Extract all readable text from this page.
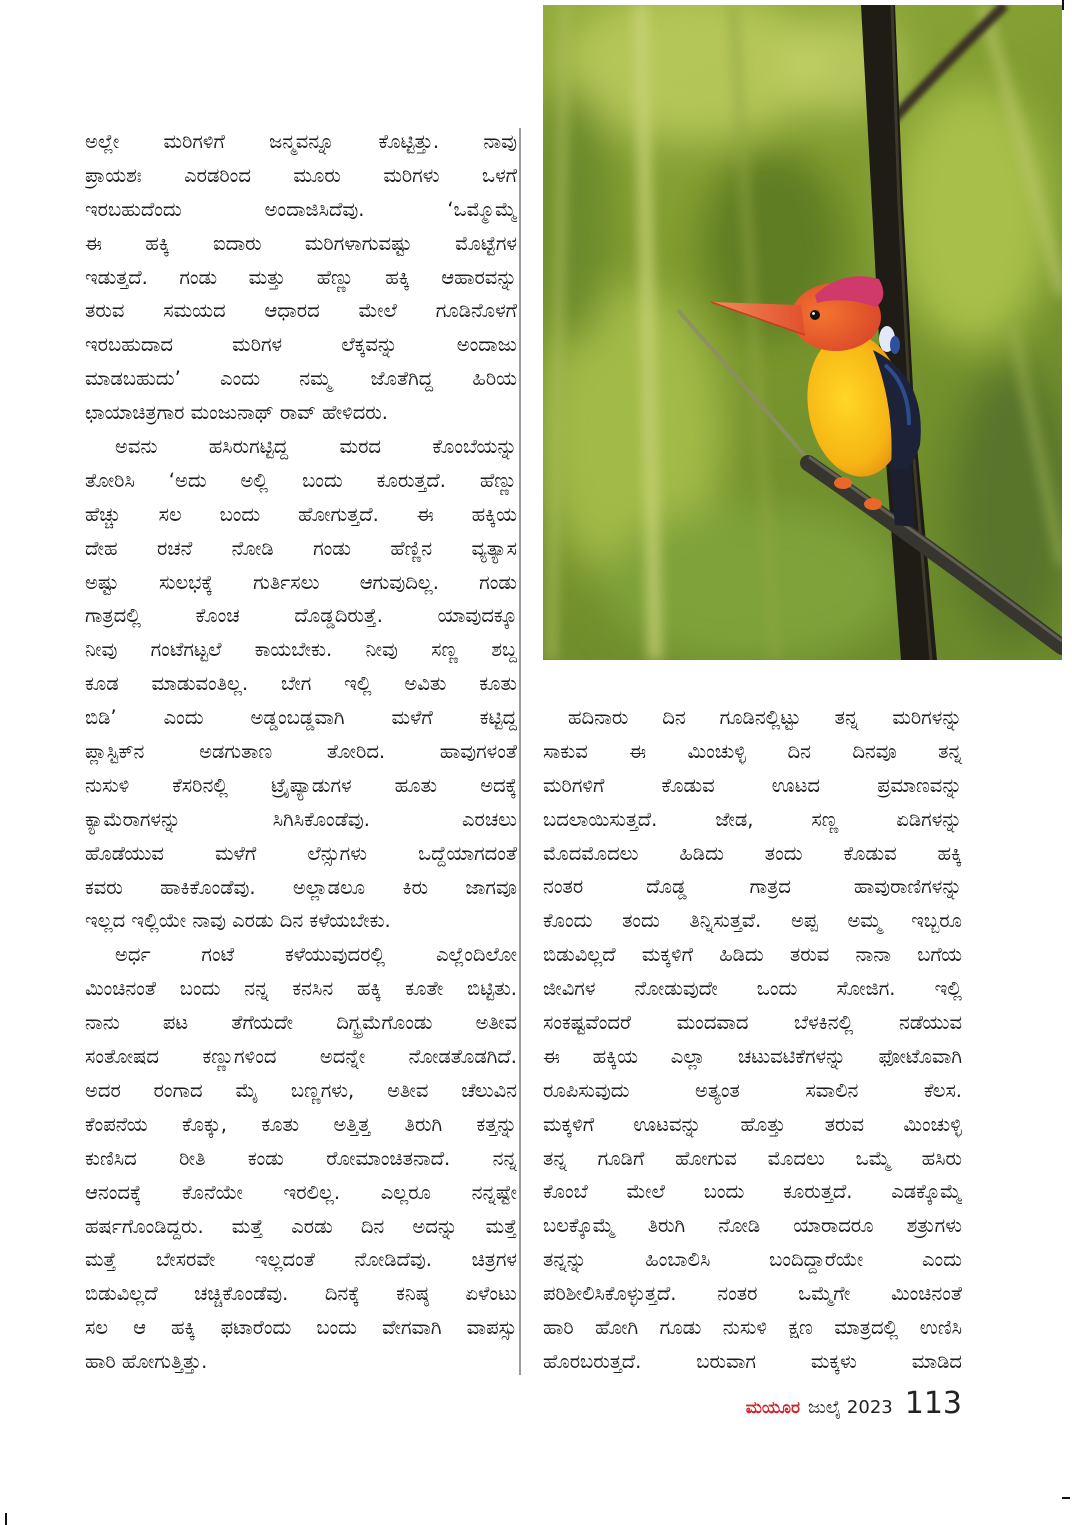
ಅಲ್ಲೇ ಮರಿಗಳಿಗೆ ಜನ್ಮವನ್ನೂ ಕೊಟ್ಟಿತ್ತು. ನಾವು
ಪ್ರಾಯಶಃ ಎರಡರಿಂದ ಮೂರು ಮರಿಗಳು ಒಳಗೆ
ಇರಬಹುದೆಂದು ಅಂದಾಜಿಸಿದೆವು. ‘ಒಮ್ಮೊಮ್ಮೆ
ಈ ಹಕ್ಕಿ ಐದಾರು ಮರಿಗಳಾಗುವಷ್ಟು ಮೊಟ್ಟೆಗಳ
ಇಡುತ್ತದೆ. ಗಂಡು ಮತ್ತು ಹೆಣ್ಣು ಹಕ್ಕಿ ಆಹಾರವನ್ನು
ತರುವ ಸಮಯದ ಆಧಾರದ ಮೇಲೆ ಗೂಡಿನೊಳಗೆ
ಇರಬಹುದಾದ ಮರಿಗಳ ಲೆಕ್ಕವನ್ನು ಅಂದಾಜು
ಮಾಡಬಹುದು’ ಎಂದು ನಮ್ಮ ಜೊತೆಗಿದ್ದ ಹಿರಿಯ
ಛಾಯಾಚಿತ್ರಗಾರ ಮಂಜುನಾಥ್ ರಾವ್ ಹೇಳಿದರು.
ಅವನು ಹಸಿರುಗಟ್ಟಿದ್ದ ಮರದ ಕೊಂಬೆಯನ್ನು
ತೋರಿಸಿ ‘ಅದು ಅಲ್ಲಿ ಬಂದು ಕೂರುತ್ತದೆ. ಹೆಣ್ಣು
ಹೆಚ್ಚು ಸಲ ಬಂದು ಹೋಗುತ್ತದೆ. ಈ ಹಕ್ಕಿಯ
ದೇಹ ರಚನೆ ನೋಡಿ ಗಂಡು ಹೆಣ್ಣಿನ ವ್ಯತ್ಯಾಸ
ಅಷ್ಟು ಸುಲಭಕ್ಕೆ ಗುರ್ತಿಸಲು ಆಗುವುದಿಲ್ಲ. ಗಂಡು
ಗಾತ್ರದಲ್ಲಿ ಕೊಂಚ ದೊಡ್ಡದಿರುತ್ತೆ. ಯಾವುದಕ್ಕೂ
ನೀವು ಗಂಟೆಗಟ್ಟಲೆ ಕಾಯಬೇಕು. ನೀವು ಸಣ್ಣ ಶಬ್ದ
ಕೂಡ ಮಾಡುವಂತಿಲ್ಲ. ಬೇಗ ಇಲ್ಲಿ ಅವಿತು ಕೂತು
ಬಿಡಿ’ ಎಂದು ಅಡ್ಡಂಬಡ್ಡವಾಗಿ ಮಳೆಗೆ ಕಟ್ಟಿದ್ದ
ಪ್ಲಾಸ್ಟಿಕ್‌ನ ಅಡಗುತಾಣ ತೋರಿದ. ಹಾವುಗಳಂತೆ
ನುಸುಳಿ ಕೆಸರಿನಲ್ಲಿ ಟ್ರೈಪ್ಯಾಡುಗಳ ಹೂತು ಅದಕ್ಕೆ
ಕ್ಯಾಮೆರಾಗಳನ್ನು ಸಿಗಿಸಿಕೊಂಡೆವು. ಎರಚಲು
ಹೊಡೆಯುವ ಮಳೆಗೆ ಲೆನ್ಸುಗಳು ಒದ್ದೆಯಾಗದಂತೆ
ಕವರು ಹಾಕಿಕೊಂಡೆವು. ಅಲ್ಲಾಡಲೂ ಕಿರು ಜಾಗವೂ
ಇಲ್ಲದ ಇಲ್ಲಿಯೇ ನಾವು ಎರಡು ದಿನ ಕಳೆಯಬೇಕು.
ಅರ್ಧ ಗಂಟೆ ಕಳೆಯುವುದರಲ್ಲಿ ಎಲ್ಲೆಂದಿಲೋ
ಮಿಂಚಿನಂತೆ ಬಂದು ನನ್ನ ಕನಸಿನ ಹಕ್ಕಿ ಕೂತೇ ಬಿಟ್ಟಿತು.
ನಾನು ಪಟ ತೆಗೆಯದೇ ದಿಗ್ಭ್ರಮೆಗೊಂಡು ಅತೀವ
ಸಂತೋಷದ ಕಣ್ಣುಗಳಿಂದ ಅದನ್ನೇ ನೋಡತೊಡಗಿದೆ.
ಅದರ ರಂಗಾದ ಮೈ ಬಣ್ಣಗಳು, ಅತೀವ ಚೆಲುವಿನ
ಕೆಂಪನೆಯ ಕೊಕ್ಕು, ಕೂತು ಅತ್ತಿತ್ತ ತಿರುಗಿ ಕತ್ತನ್ನು
ಕುಣಿಸಿದ ರೀತಿ ಕಂಡು ರೋಮಾಂಚಿತನಾದೆ. ನನ್ನ
ಆನಂದಕ್ಕೆ ಕೊನೆಯೇ ಇರಲಿಲ್ಲ. ಎಲ್ಲರೂ ನನ್ನಷ್ಟೇ
ಹರ್ಷಗೊಂಡಿದ್ದರು. ಮತ್ತೆ ಎರಡು ದಿನ ಅದನ್ನು ಮತ್ತೆ
ಮತ್ತೆ ಬೇಸರವೇ ಇಲ್ಲದಂತೆ ನೋಡಿದೆವು. ಚಿತ್ರಗಳ
ಬಿಡುವಿಲ್ಲದೆ ಚಚ್ಚಿಕೊಂಡೆವು. ದಿನಕ್ಕೆ ಕನಿಷ್ಠ ಏಳೆಂಟು
ಸಲ ಆ ಹಕ್ಕಿ ಫಟಾರೆಂದು ಬಂದು ವೇಗವಾಗಿ ವಾಪಸ್ಸು
ಹಾರಿ ಹೋಗುತ್ತಿತ್ತು.
ಹದಿನಾರು ದಿನ ಗೂಡಿನಲ್ಲಿಟ್ಟು ತನ್ನ ಮರಿಗಳನ್ನು
ಸಾಕುವ ಈ ಮಿಂಚುಳ್ಳಿ ದಿನ ದಿನವೂ ತನ್ನ
ಮರಿಗಳಿಗೆ ಕೊಡುವ ಊಟದ ಪ್ರಮಾಣವನ್ನು
ಬದಲಾಯಿಸುತ್ತದೆ. ಜೇಡ, ಸಣ್ಣ ಏಡಿಗಳನ್ನು
ಮೊದಮೊದಲು ಹಿಡಿದು ತಂದು ಕೊಡುವ ಹಕ್ಕಿ
ನಂತರ ದೊಡ್ಡ ಗಾತ್ರದ ಹಾವುರಾಣಿಗಳನ್ನು
ಕೊಂದು ತಂದು ತಿನ್ನಿಸುತ್ತವೆ. ಅಪ್ಪ ಅಮ್ಮ ಇಬ್ಬರೂ
ಬಿಡುವಿಲ್ಲದೆ ಮಕ್ಕಳಿಗೆ ಹಿಡಿದು ತರುವ ನಾನಾ ಬಗೆಯ
ಜೀವಿಗಳ ನೋಡುವುದೇ ಒಂದು ಸೋಜಿಗ. ಇಲ್ಲಿ
ಸಂಕಷ್ಟವೆಂದರೆ ಮಂದವಾದ ಬೆಳಕಿನಲ್ಲಿ ನಡೆಯುವ
ಈ ಹಕ್ಕಿಯ ಎಲ್ಲಾ ಚಟುವಟಿಕೆಗಳನ್ನು ಫೋಟೊವಾಗಿ
ರೂಪಿಸುವುದು ಅತ್ಯಂತ ಸವಾಲಿನ ಕೆಲಸ.
ಮಕ್ಕಳಿಗೆ ಊಟವನ್ನು ಹೊತ್ತು ತರುವ ಮಿಂಚುಳ್ಳಿ
ತನ್ನ ಗೂಡಿಗೆ ಹೋಗುವ ಮೊದಲು ಒಮ್ಮೆ ಹಸಿರು
ಕೊಂಬೆ ಮೇಲೆ ಬಂದು ಕೂರುತ್ತದೆ. ಎಡಕ್ಕೊಮ್ಮೆ
ಬಲಕ್ಕೊಮ್ಮೆ ತಿರುಗಿ ನೋಡಿ ಯಾರಾದರೂ ಶತ್ರುಗಳು
ತನ್ನನ್ನು ಹಿಂಬಾಲಿಸಿ ಬಂದಿದ್ದಾರೆಯೇ ಎಂದು
ಪರಿಶೀಲಿಸಿಕೊಳ್ಳುತ್ತದೆ. ನಂತರ ಒಮ್ಮೆಗೇ ಮಿಂಚಿನಂತೆ
ಹಾರಿ ಹೋಗಿ ಗೂಡು ನುಸುಳಿ ಕ್ಷಣ ಮಾತ್ರದಲ್ಲಿ ಉಣಿಸಿ
ಹೊರಬರುತ್ತದೆ. ಬರುವಾಗ ಮಕ್ಕಳು ಮಾಡಿದ
ಮಯೂರ ಜುಲೈ 2023 113
